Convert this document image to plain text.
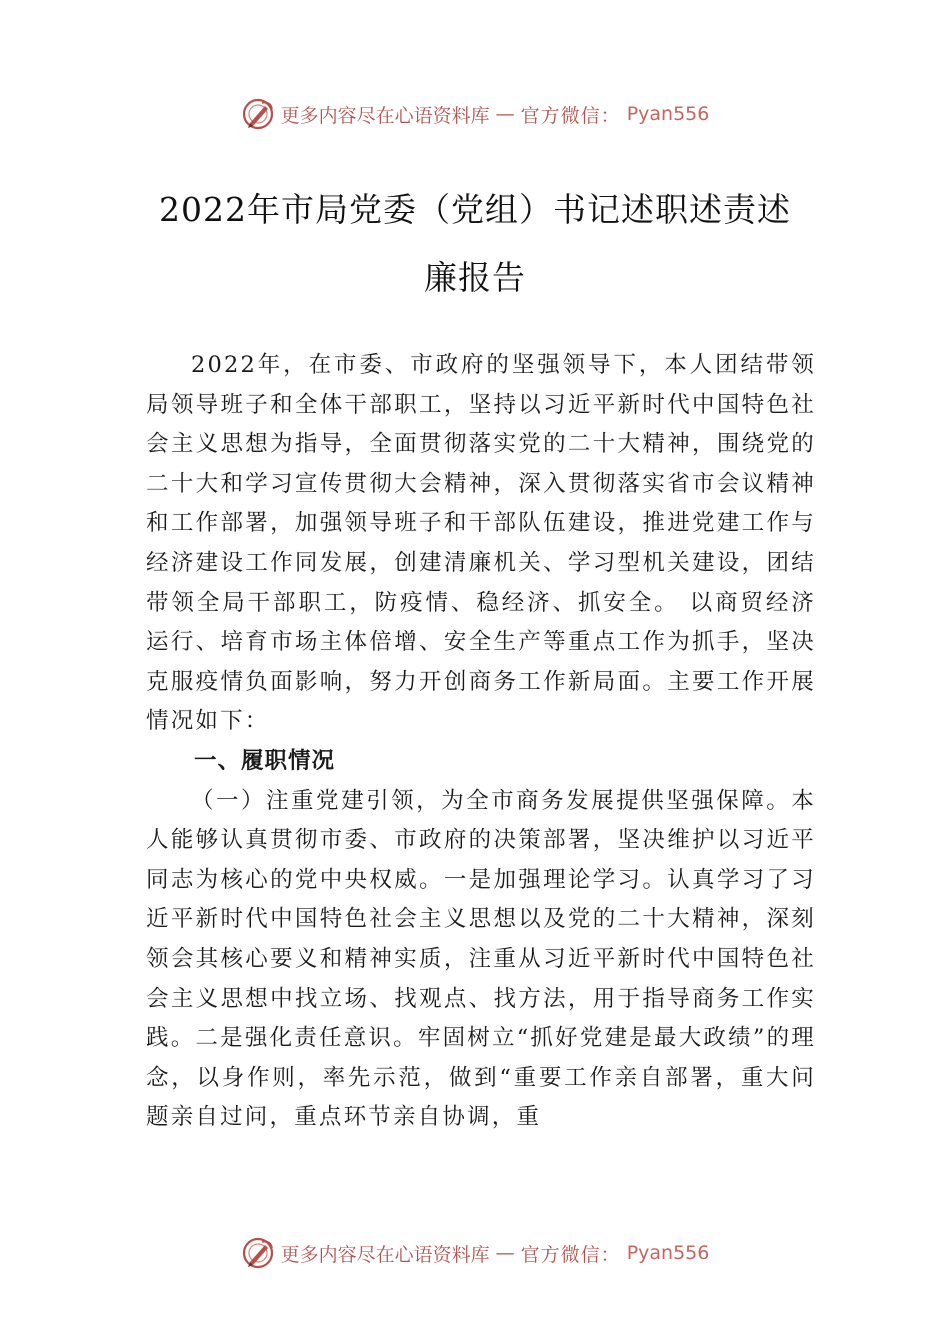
更多内容尽在心语资料库 — 官方微信： Pyan556
2022年市局党委（党组）书记述职述责述
廉报告

2022年，在市委、市政府的坚强领导下，本人团结带领局领导班子和全体干部职工，坚持以习近平新时代中国特色社会主义思想为指导，全面贯彻落实党的二十大精神，围绕党的二十大和学习宣传贯彻大会精神，深入贯彻落实省市会议精神和工作部署，加强领导班子和干部队伍建设，推进党建工作与经济建设工作同发展，创建清廉机关、学习型机关建设，团结带领全局干部职工，防疫情、稳经济、抓安全。 以商贸经济运行、培育市场主体倍增、安全生产等重点工作为抓手，坚决克服疫情负面影响，努力开创商务工作新局面。主要工作开展情况如下：

一、履职情况

（一）注重党建引领，为全市商务发展提供坚强保障。本人能够认真贯彻市委、市政府的决策部署，坚决维护以习近平同志为核心的党中央权威。一是加强理论学习。认真学习了习近平新时代中国特色社会主义思想以及党的二十大精神，深刻领会其核心要义和精神实质，注重从习近平新时代中国特色社会主义思想中找立场、找观点、找方法，用于指导商务工作实践。二是强化责任意识。牢固树立“抓好党建是最大政绩”的理念，以身作则，率先示范，做到“重要工作亲自部署，重大问题亲自过问，重点环节亲自协调，重

更多内容尽在心语资料库 — 官方微信： Pyan556
